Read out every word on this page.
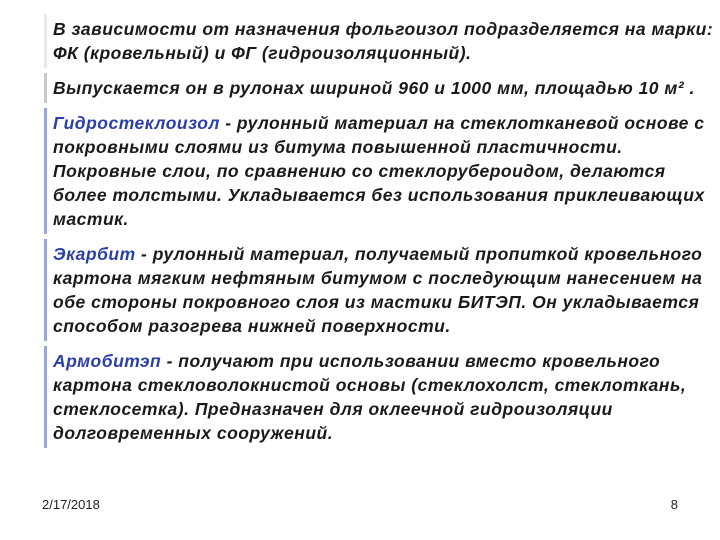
В зависимости от назначения фольгоизол подразделяется на марки: ФК (кровельный) и ФГ (гидроизоляционный).

Выпускается он в рулонах шириной 960 и 1000 мм, площадью 10 м² .

Гидростеклоизол - рулонный материал на стеклотканевой основе с покровными слоями из битума повышенной пластичности. Покровные слои, по сравнению со стеклорубероидом, делаются более толстыми. Укладывается без использования приклеивающих мастик.

Экарбит - рулонный материал, получаемый пропиткой кровельного картона мягким нефтяным битумом с последующим нанесением на обе стороны покровного слоя из мастики БИТЭП. Он укладывается способом разогрева нижней поверхности.

Армобитэп - получают при использовании вместо кровельного картона стекловолокнистой основы (стеклохолст, стеклоткань, стеклосетка). Предназначен для оклеечной гидроизоляции долговременных сооружений.

2/17/2018	8
